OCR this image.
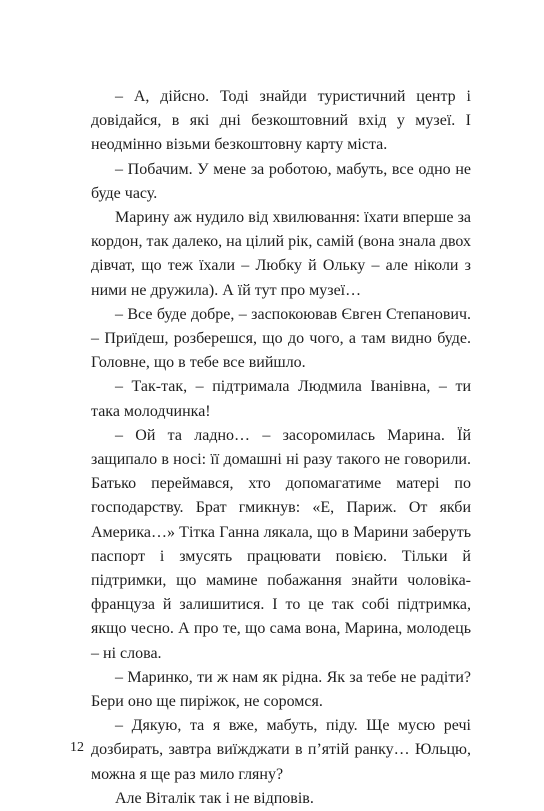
– А, дійсно. Тоді знайди туристичний центр і довідайся, в які дні безкоштовний вхід у музеї. І неодмінно візьми безкоштовну карту міста.

– Побачим. У мене за роботою, мабуть, все одно не буде часу.

Марину аж нудило від хвилювання: їхати вперше за кордон, так далеко, на цілий рік, самій (вона знала двох дівчат, що теж їхали – Любку й Ольку – але ніколи з ними не дружила). А їй тут про музеї…

– Все буде добре, – заспокоював Євген Степанович. – Приїдеш, розберешся, що до чого, а там видно буде. Головне, що в тебе все вийшло.

– Так-так, – підтримала Людмила Іванівна, – ти така молодчинка!

– Ой та ладно… – засоромилась Марина. Їй защипало в носі: її домашні ні разу такого не говорили. Батько переймався, хто допомагатиме матері по господарству. Брат гмикнув: «Е, Париж. От якби Америка…» Тітка Ганна лякала, що в Марини заберуть паспорт і змусять працювати повією. Тільки й підтримки, що мамине побажання знайти чоловіка-француза й залишитися. І то це так собі підтримка, якщо чесно. А про те, що сама вона, Марина, молодець – ні слова.

– Маринко, ти ж нам як рідна. Як за тебе не радіти? Бери оно ще пиріжок, не соромся.

– Дякую, та я вже, мабуть, піду. Ще мусю речі дозбирать, завтра виїжджати в п’ятій ранку… Юльцю, можна я ще раз мило гляну?

Але Віталік так і не відповів.

12
